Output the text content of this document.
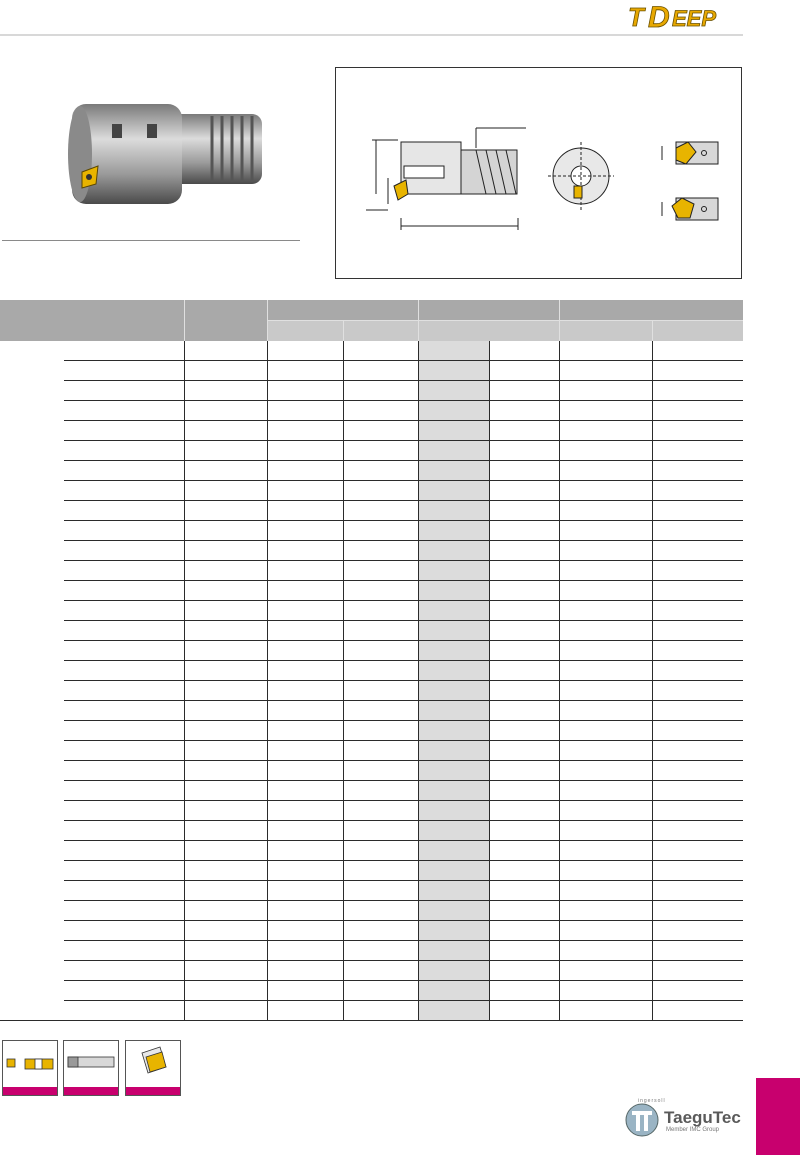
T D EEP
ingersoll
TaeguTec
Member IMC Group
